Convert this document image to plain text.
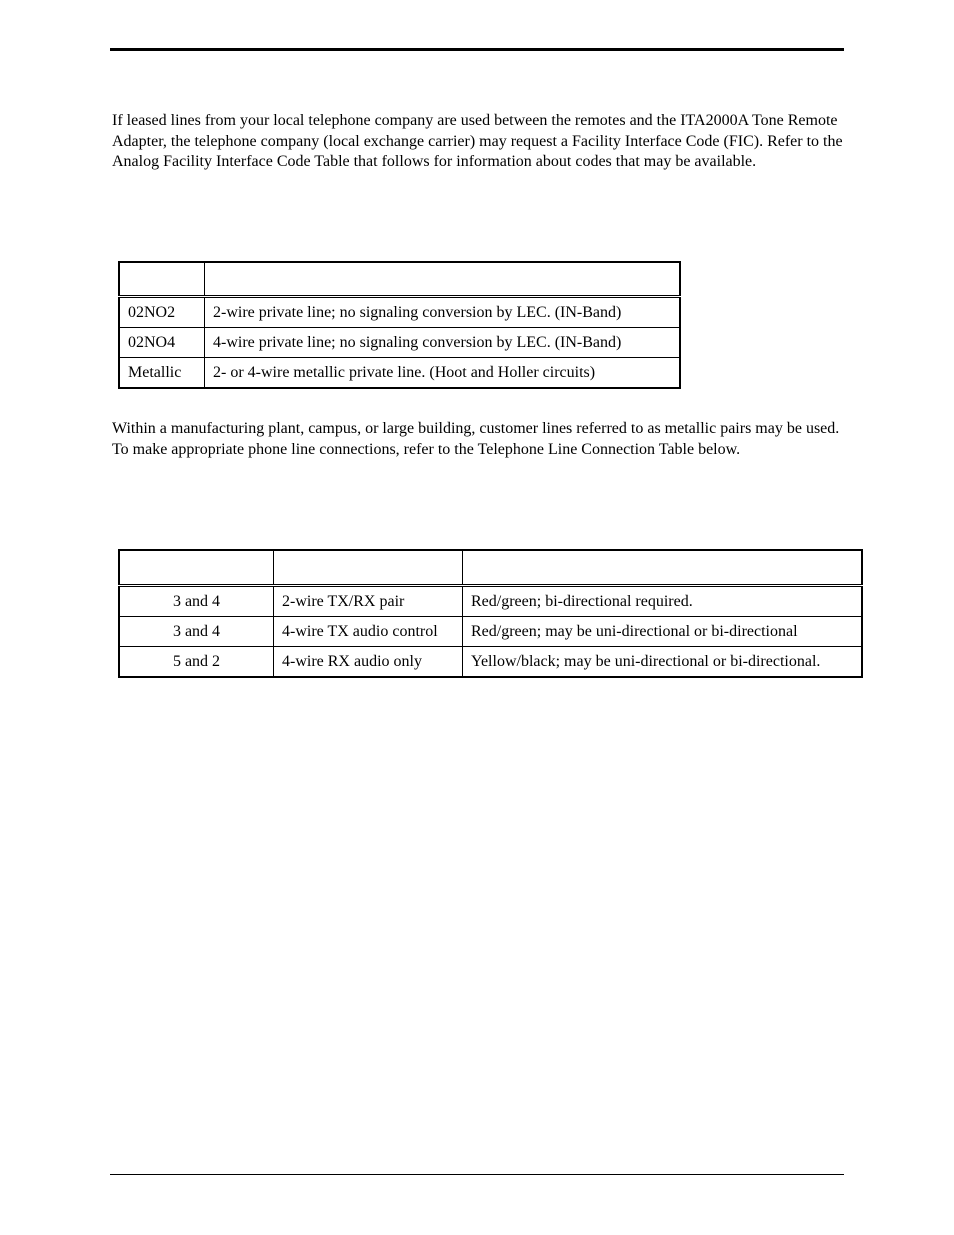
If leased lines from your local telephone company are used between the remotes and the ITA2000A Tone Remote Adapter, the telephone company (local exchange carrier) may request a Facility Interface Code (FIC). Refer to the Analog Facility Interface Code Table that follows for information about codes that may be available.

02NO2	2-wire private line; no signaling conversion by LEC. (IN-Band)
02NO4	4-wire private line; no signaling conversion by LEC. (IN-Band)
Metallic	2- or 4-wire metallic private line. (Hoot and Holler circuits)

Within a manufacturing plant, campus, or large building, customer lines referred to as metallic pairs may be used. To make appropriate phone line connections, refer to the Telephone Line Connection Table below.

3 and 4	2-wire TX/RX pair	Red/green; bi-directional required.
3 and 4	4-wire TX audio control	Red/green; may be uni-directional or bi-directional
5 and 2	4-wire RX audio only	Yellow/black; may be uni-directional or bi-directional.
